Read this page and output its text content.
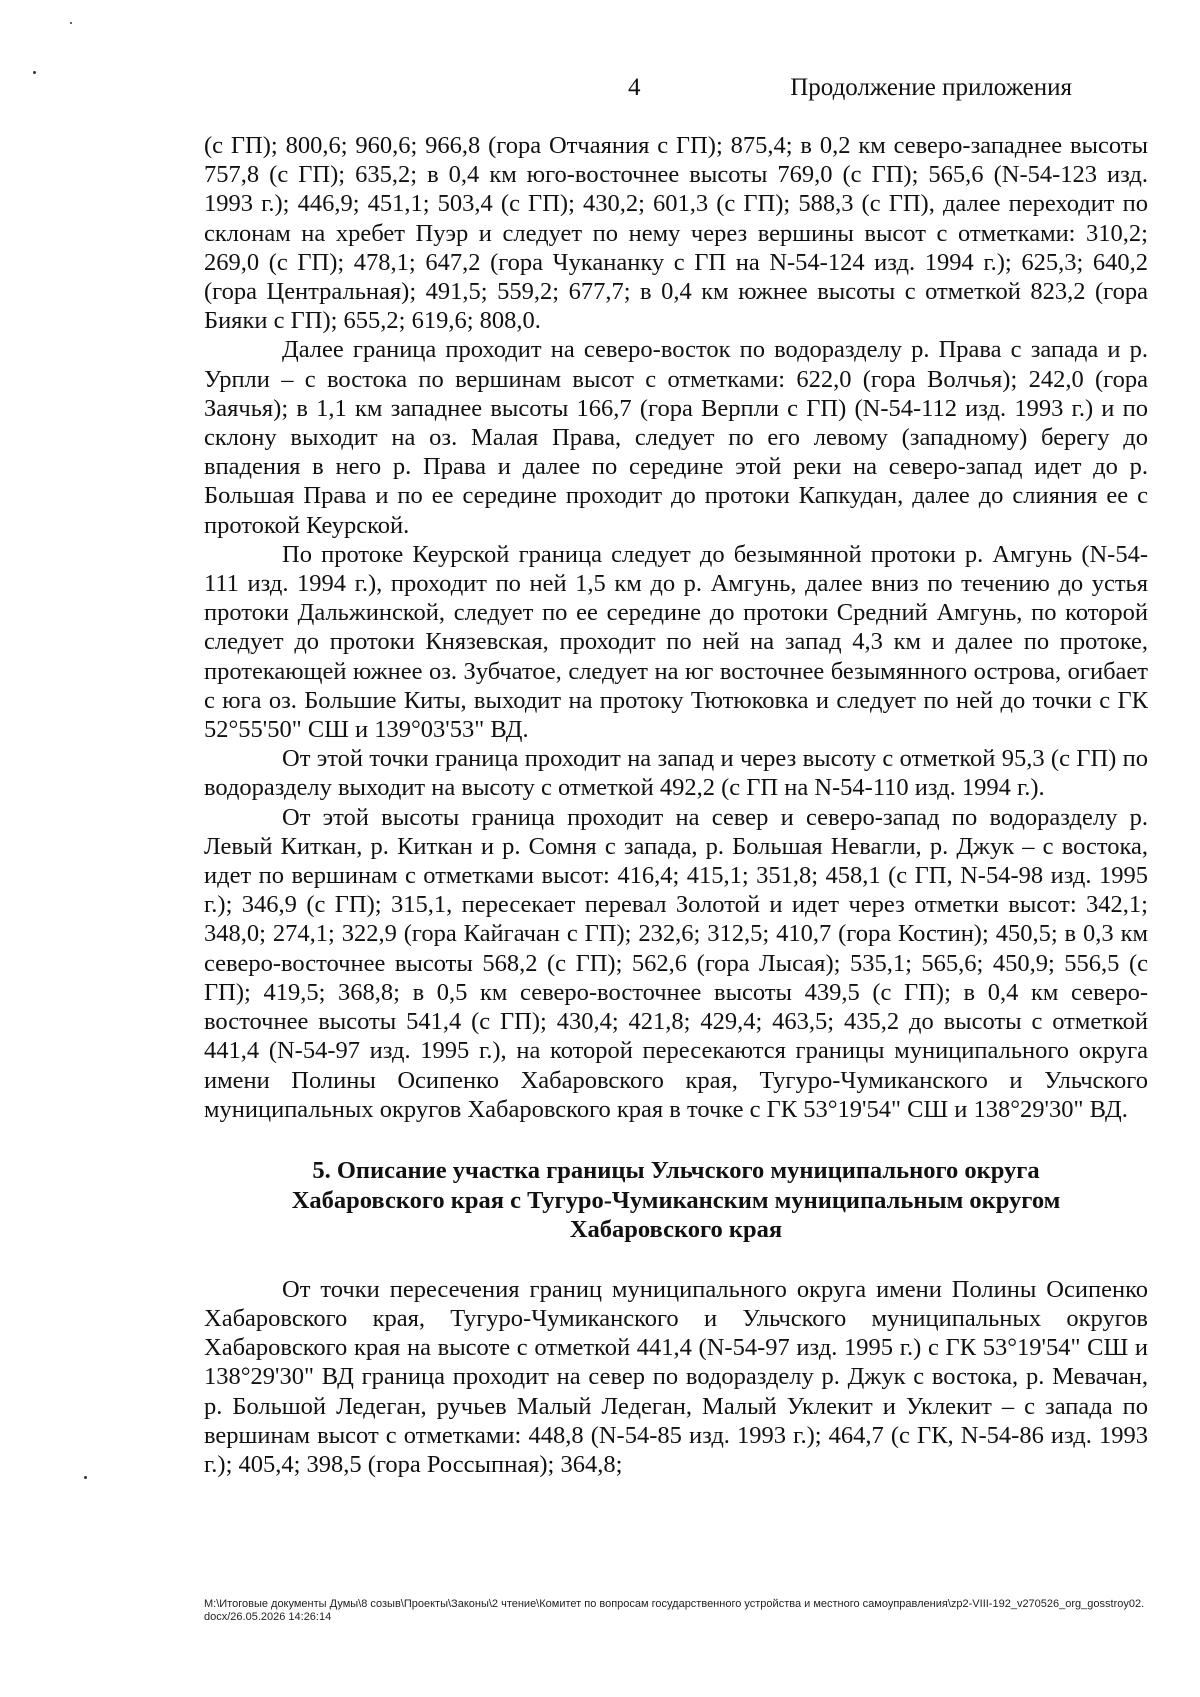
4	Продолжение приложения

(с ГП); 800,6; 960,6; 966,8 (гора Отчаяния с ГП); 875,4; в 0,2 км северо-западнее высоты 757,8 (с ГП); 635,2; в 0,4 км юго-восточнее высоты 769,0 (с ГП); 565,6 (N-54-123 изд. 1993 г.); 446,9; 451,1; 503,4 (с ГП); 430,2; 601,3 (с ГП); 588,3 (с ГП), далее переходит по склонам на хребет Пуэр и следует по нему через вершины высот с отметками: 310,2; 269,0 (с ГП); 478,1; 647,2 (гора Чукананку с ГП на N-54-124 изд. 1994 г.); 625,3; 640,2 (гора Центральная); 491,5; 559,2; 677,7; в 0,4 км южнее высоты с отметкой 823,2 (гора Бияки с ГП); 655,2; 619,6; 808,0.

Далее граница проходит на северо-восток по водоразделу р. Права с запада и р. Урпли – с востока по вершинам высот с отметками: 622,0 (гора Волчья); 242,0 (гора Заячья); в 1,1 км западнее высоты 166,7 (гора Верпли с ГП) (N-54-112 изд. 1993 г.) и по склону выходит на оз. Малая Права, следует по его левому (западному) берегу до впадения в него р. Права и далее по середине этой реки на северо-запад идет до р. Большая Права и по ее середине проходит до протоки Капкудан, далее до слияния ее с протокой Кеурской.

По протоке Кеурской граница следует до безымянной протоки р. Амгунь (N-54-111 изд. 1994 г.), проходит по ней 1,5 км до р. Амгунь, далее вниз по течению до устья протоки Дальжинской, следует по ее середине до протоки Средний Амгунь, по которой следует до протоки Князевская, проходит по ней на запад 4,3 км и далее по протоке, протекающей южнее оз. Зубчатое, следует на юг восточнее безымянного острова, огибает с юга оз. Большие Киты, выходит на протоку Тютюковка и следует по ней до точки с ГК 52°55'50" СШ и 139°03'53" ВД.

От этой точки граница проходит на запад и через высоту с отметкой 95,3 (с ГП) по водоразделу выходит на высоту с отметкой 492,2 (с ГП на N-54-110 изд. 1994 г.).

От этой высоты граница проходит на север и северо-запад по водоразделу р. Левый Киткан, р. Киткан и р. Сомня с запада, р. Большая Невагли, р. Джук – с востока, идет по вершинам с отметками высот: 416,4; 415,1; 351,8; 458,1 (с ГП, N-54-98 изд. 1995 г.); 346,9 (с ГП); 315,1, пересекает перевал Золотой и идет через отметки высот: 342,1; 348,0; 274,1; 322,9 (гора Кайгачан с ГП); 232,6; 312,5; 410,7 (гора Костин); 450,5; в 0,3 км северо-восточнее высоты 568,2 (с ГП); 562,6 (гора Лысая); 535,1; 565,6; 450,9; 556,5 (с ГП); 419,5; 368,8; в 0,5 км северо-восточнее высоты 439,5 (с ГП); в 0,4 км северо-восточнее высоты 541,4 (с ГП); 430,4; 421,8; 429,4; 463,5; 435,2 до высоты с отметкой 441,4 (N-54-97 изд. 1995 г.), на которой пересекаются границы муниципального округа имени Полины Осипенко Хабаровского края, Тугуро-Чумиканского и Ульчского муниципальных округов Хабаровского края в точке с ГК 53°19'54" СШ и 138°29'30" ВД.

5. Описание участка границы Ульчского муниципального округа
Хабаровского края с Тугуро-Чумиканским муниципальным округом
Хабаровского края

От точки пересечения границ муниципального округа имени Полины Осипенко Хабаровского края, Тугуро-Чумиканского и Ульчского муниципальных округов Хабаровского края на высоте с отметкой 441,4 (N-54-97 изд. 1995 г.) с ГК 53°19'54" СШ и 138°29'30" ВД граница проходит на север по водоразделу р. Джук с востока, р. Мевачан, р. Большой Ледеган, ручьев Малый Ледеган, Малый Уклекит и Уклекит – с запада по вершинам высот с отметками: 448,8 (N-54-85 изд. 1993 г.); 464,7 (с ГК, N-54-86 изд. 1993 г.); 405,4; 398,5 (гора Россыпная); 364,8;

М:\Итоговые документы Думы\8 созыв\Проекты\Законы\2 чтение\Комитет по вопросам государственного устройства и местного самоуправления\zp2-VIII-192_v270526_org_gosstroy02.docx/26.05.2026 14:26:14
